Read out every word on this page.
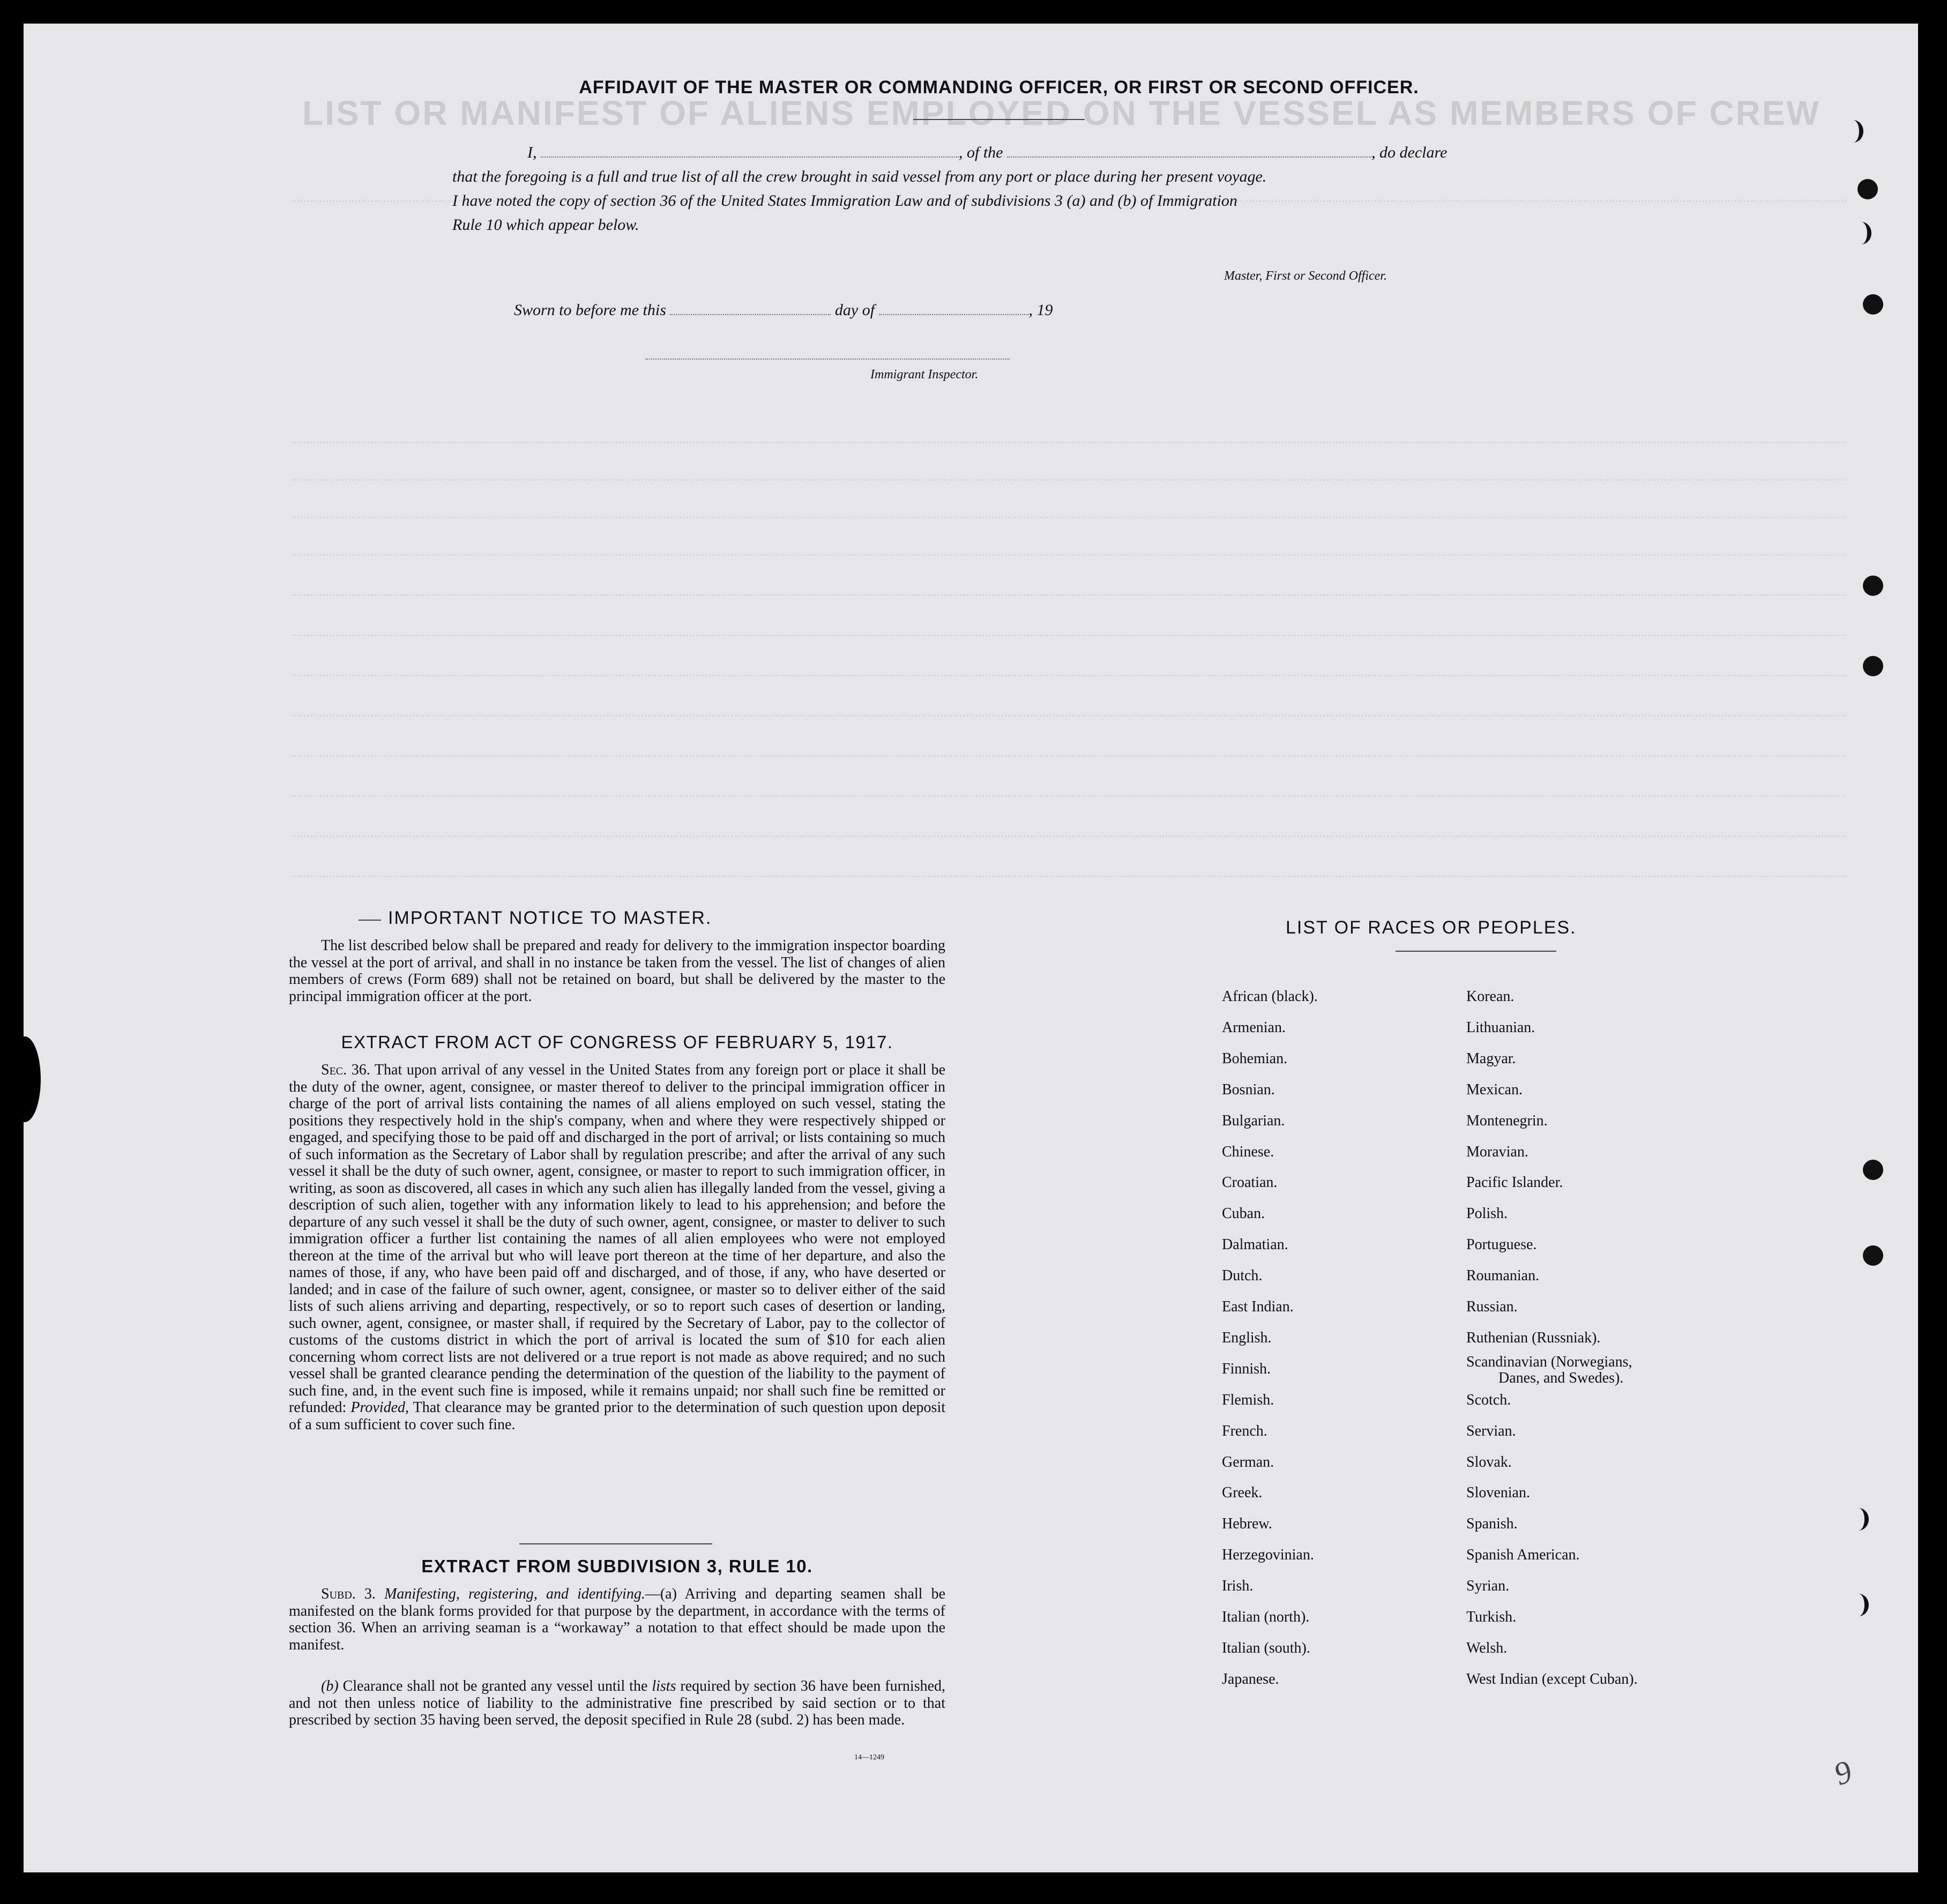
LIST OR MANIFEST OF ALIENS EMPLOYED ON THE VESSEL AS MEMBERS OF CREW
AFFIDAVIT OF THE MASTER OR COMMANDING OFFICER, OR FIRST OR SECOND OFFICER.
I,	, of the	, do declare
that the foregoing is a full and true list of all the crew brought in said vessel from any port or place during her present voyage.
I have noted the copy of section 36 of the United States Immigration Law and of subdivisions 3 (a) and (b) of Immigration
Rule 10 which appear below.
Master, First or Second Officer.
Sworn to before me this	day of	, 19
Immigrant Inspector.
IMPORTANT NOTICE TO MASTER.
The list described below shall be prepared and ready for delivery to the immigration inspector boarding the vessel at the port of arrival, and shall in no instance be taken from the vessel. The list of changes of alien members of crews (Form 689) shall not be retained on board, but shall be delivered by the master to the principal immigration officer at the port.
EXTRACT FROM ACT OF CONGRESS OF FEBRUARY 5, 1917.
Sec. 36. That upon arrival of any vessel in the United States from any foreign port or place it shall be the duty of the owner, agent, consignee, or master thereof to deliver to the principal immigration officer in charge of the port of arrival lists containing the names of all aliens employed on such vessel, stating the positions they respectively hold in the ship's company, when and where they were respectively shipped or engaged, and specifying those to be paid off and discharged in the port of arrival; or lists containing so much of such information as the Secretary of Labor shall by regulation prescribe; and after the arrival of any such vessel it shall be the duty of such owner, agent, consignee, or master to report to such immigration officer, in writing, as soon as discovered, all cases in which any such alien has illegally landed from the vessel, giving a description of such alien, together with any information likely to lead to his apprehension; and before the departure of any such vessel it shall be the duty of such owner, agent, consignee, or master to deliver to such immigration officer a further list containing the names of all alien employees who were not employed thereon at the time of the arrival but who will leave port thereon at the time of her departure, and also the names of those, if any, who have been paid off and discharged, and of those, if any, who have deserted or landed; and in case of the failure of such owner, agent, consignee, or master so to deliver either of the said lists of such aliens arriving and departing, respectively, or so to report such cases of desertion or landing, such owner, agent, consignee, or master shall, if required by the Secretary of Labor, pay to the collector of customs of the customs district in which the port of arrival is located the sum of $10 for each alien concerning whom correct lists are not delivered or a true report is not made as above required; and no such vessel shall be granted clearance pending the determination of the question of the liability to the payment of such fine, and, in the event such fine is imposed, while it remains unpaid; nor shall such fine be remitted or refunded: Provided, That clearance may be granted prior to the determination of such question upon deposit of a sum sufficient to cover such fine.
EXTRACT FROM SUBDIVISION 3, RULE 10.
Subd. 3. Manifesting, registering, and identifying.—(a) Arriving and departing seamen shall be manifested on the blank forms provided for that purpose by the department, in accordance with the terms of section 36. When an arriving seaman is a “workaway” a notation to that effect should be made upon the manifest.
(b) Clearance shall not be granted any vessel until the lists required by section 36 have been furnished, and not then unless notice of liability to the administrative fine prescribed by said section or to that prescribed by section 35 having been served, the deposit specified in Rule 28 (subd. 2) has been made.
14—1249
LIST OF RACES OR PEOPLES.
African (black).
Armenian.
Bohemian.
Bosnian.
Bulgarian.
Chinese.
Croatian.
Cuban.
Dalmatian.
Dutch.
East Indian.
English.
Finnish.
Flemish.
French.
German.
Greek.
Hebrew.
Herzegovinian.
Irish.
Italian (north).
Italian (south).
Japanese.
Korean.
Lithuanian.
Magyar.
Mexican.
Montenegrin.
Moravian.
Pacific Islander.
Polish.
Portuguese.
Roumanian.
Russian.
Ruthenian (Russniak).
Scandinavian (Norwegians,
Danes, and Swedes).
Scotch.
Servian.
Slovak.
Slovenian.
Spanish.
Spanish American.
Syrian.
Turkish.
Welsh.
West Indian (except Cuban).
9
